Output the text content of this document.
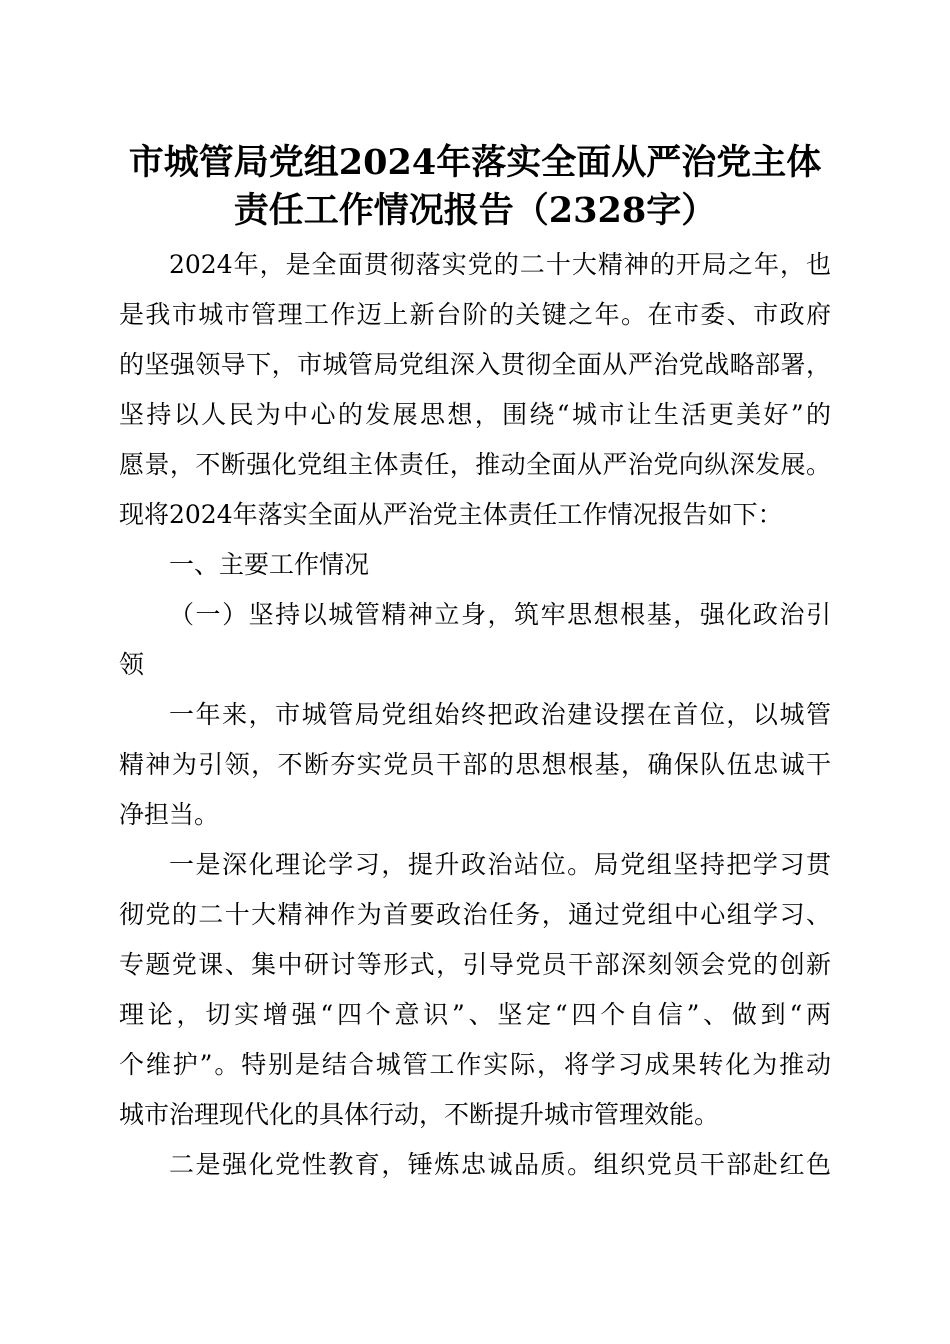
市城管局党组2024年落实全面从严治党主体
责任工作情况报告（2328字）
2024年，是全面贯彻落实党的二十大精神的开局之年，也
是我市城市管理工作迈上新台阶的关键之年。在市委、市政府
的坚强领导下，市城管局党组深入贯彻全面从严治党战略部署，
坚持以人民为中心的发展思想，围绕“城市让生活更美好”的
愿景，不断强化党组主体责任，推动全面从严治党向纵深发展。
现将2024年落实全面从严治党主体责任工作情况报告如下：
一、主要工作情况
（一）坚持以城管精神立身，筑牢思想根基，强化政治引
领
一年来，市城管局党组始终把政治建设摆在首位，以城管
精神为引领，不断夯实党员干部的思想根基，确保队伍忠诚干
净担当。
一是深化理论学习，提升政治站位。局党组坚持把学习贯
彻党的二十大精神作为首要政治任务，通过党组中心组学习、
专题党课、集中研讨等形式，引导党员干部深刻领会党的创新
理论，切实增强“四个意识”、坚定“四个自信”、做到“两
个维护”。特别是结合城管工作实际，将学习成果转化为推动
城市治理现代化的具体行动，不断提升城市管理效能。
二是强化党性教育，锤炼忠诚品质。组织党员干部赴红色
